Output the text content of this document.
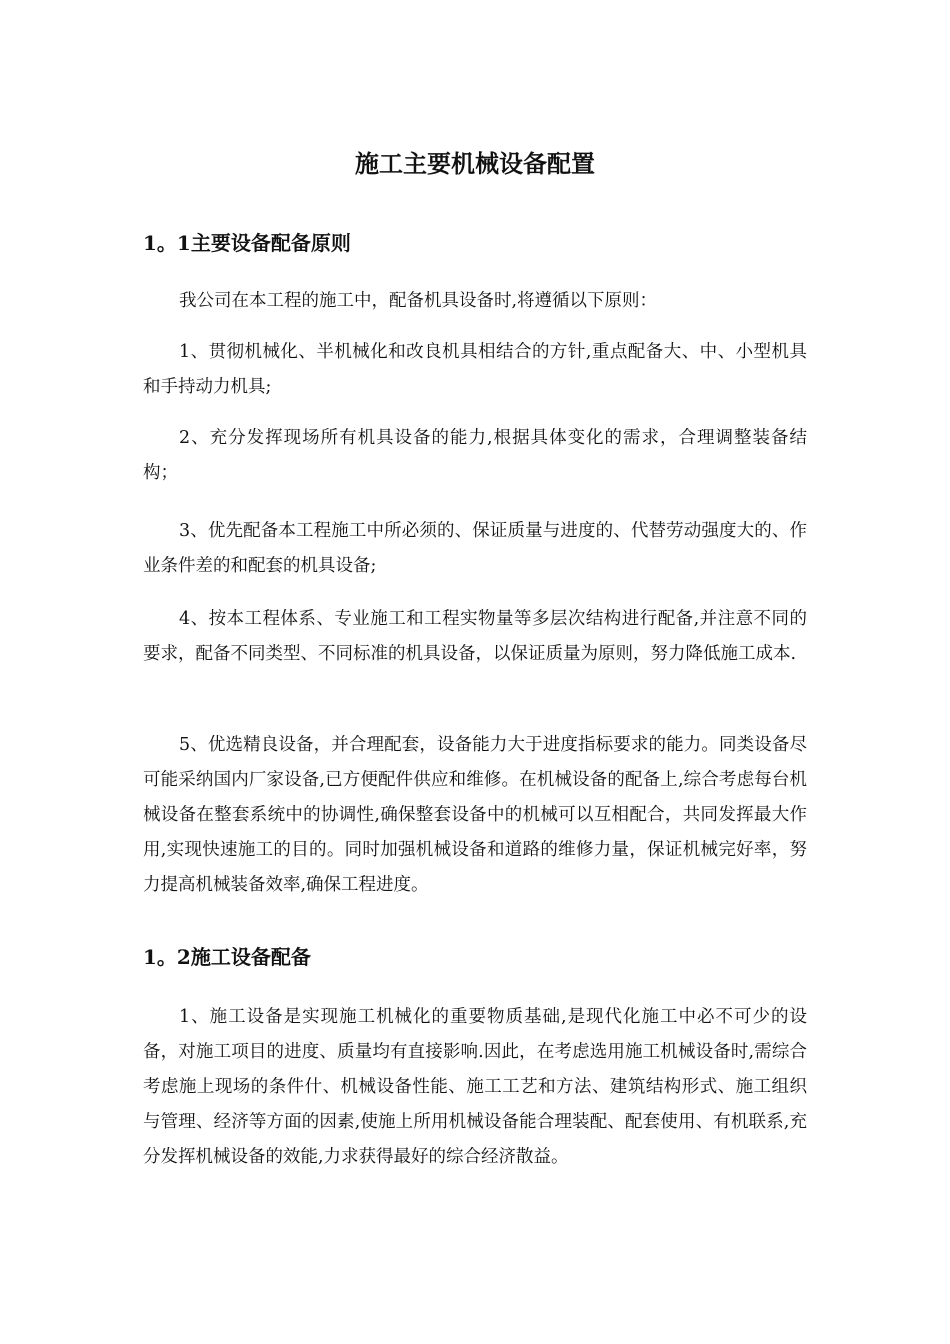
施工主要机械设备配置
1。1主要设备配备原则

我公司在本工程的施工中，配备机具设备时,将遵循以下原则：

1、贯彻机械化、半机械化和改良机具相结合的方针,重点配备大、中、小型机具和手持动力机具;

2、充分发挥现场所有机具设备的能力,根据具体变化的需求，合理调整装备结构；

3、优先配备本工程施工中所必须的、保证质量与进度的、代替劳动强度大的、作业条件差的和配套的机具设备;

4、按本工程体系、专业施工和工程实物量等多层次结构进行配备,并注意不同的要求，配备不同类型、不同标准的机具设备，以保证质量为原则，努力降低施工成本.

5、优选精良设备，并合理配套，设备能力大于进度指标要求的能力。同类设备尽可能采纳国内厂家设备,已方便配件供应和维修。在机械设备的配备上,综合考虑每台机械设备在整套系统中的协调性,确保整套设备中的机械可以互相配合，共同发挥最大作用,实现快速施工的目的。同时加强机械设备和道路的维修力量，保证机械完好率，努力提高机械装备效率,确保工程进度。

1。2施工设备配备

1、施工设备是实现施工机械化的重要物质基础,是现代化施工中必不可少的设备，对施工项目的进度、质量均有直接影响.因此，在考虑选用施工机械设备时,需综合考虑施上现场的条件什、机械设备性能、施工工艺和方法、建筑结构形式、施工组织与管理、经济等方面的因素,使施上所用机械设备能合理装配、配套使用、有机联系,充分发挥机械设备的效能,力求获得最好的综合经济散益。
